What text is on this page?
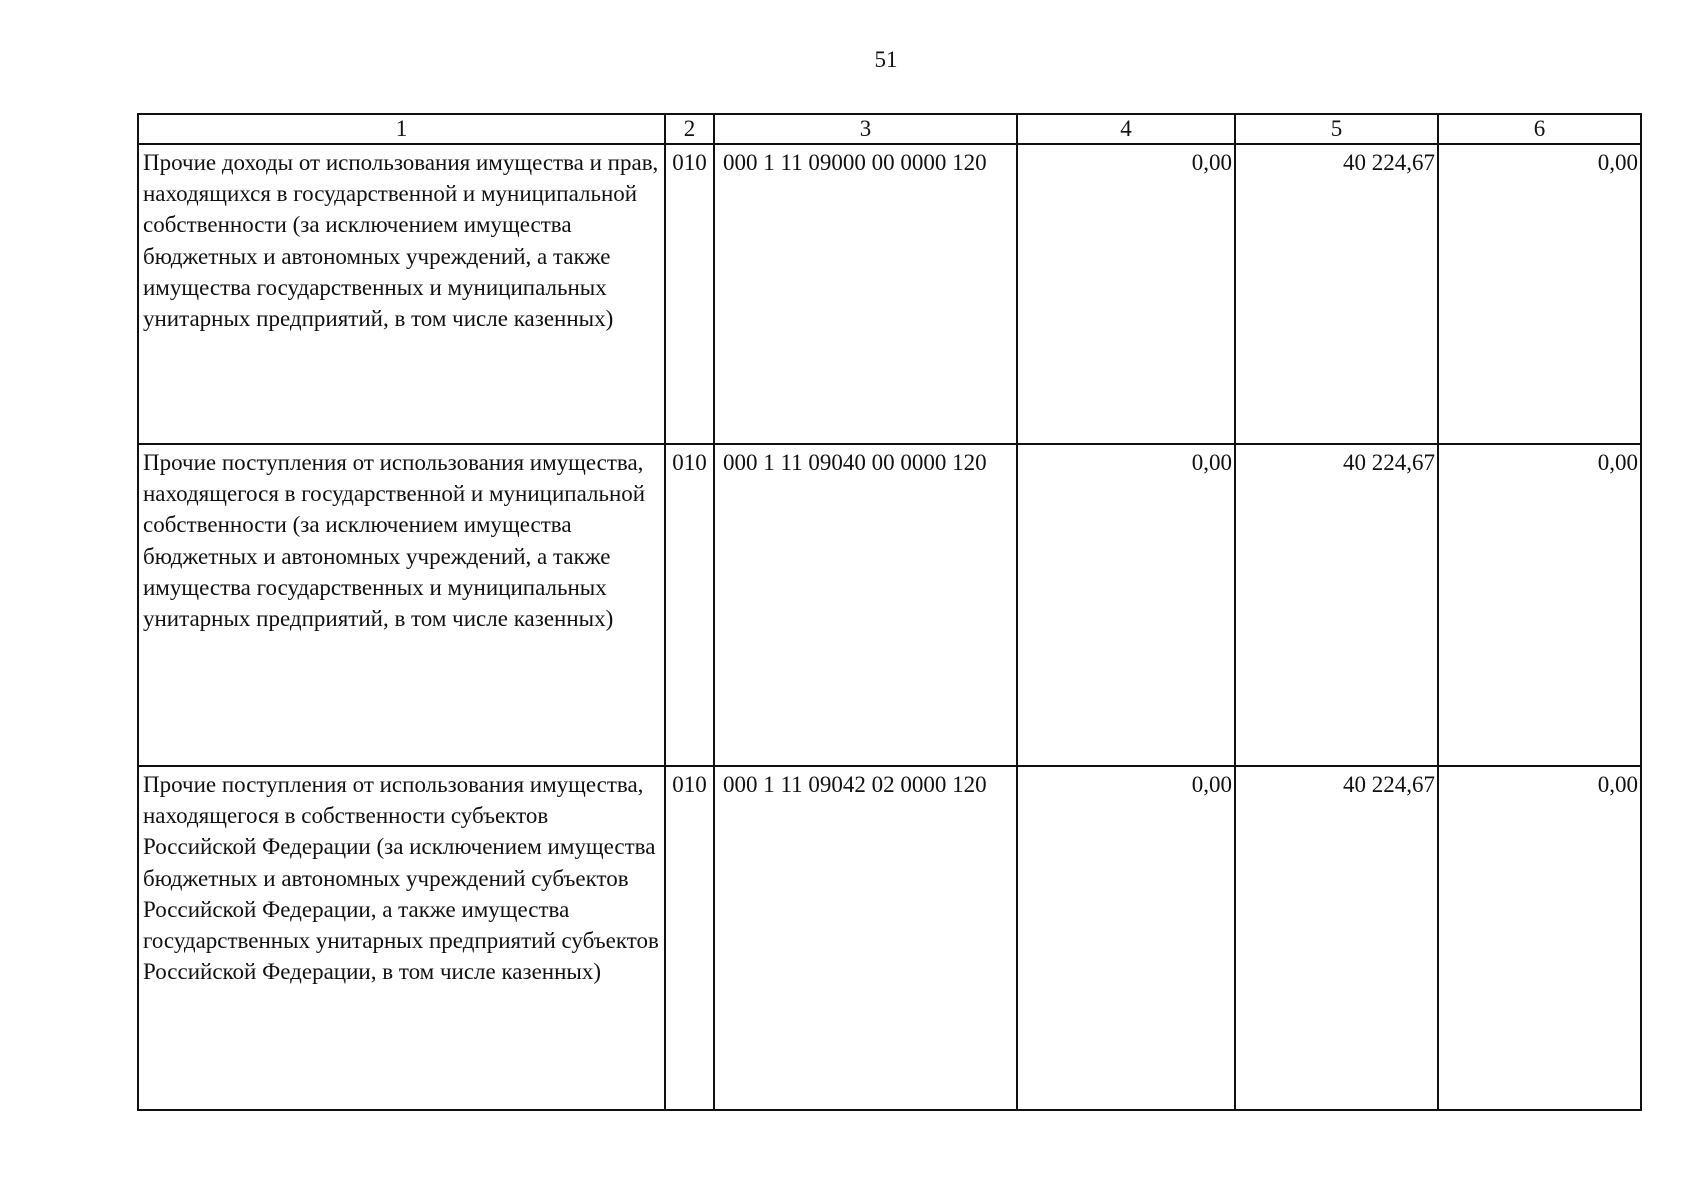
51
1	2	3	4	5	6
Прочие доходы от использования имущества и прав, находящихся в государственной и муниципальной собственности (за исключением имущества бюджетных и автономных учреждений, а также имущества государственных и муниципальных унитарных предприятий, в том числе казенных)	010	000 1 11 09000 00 0000 120	0,00	40 224,67	0,00
Прочие поступления от использования имущества, находящегося в государственной и муниципальной собственности (за исключением имущества бюджетных и автономных учреждений, а также имущества государственных и муниципальных унитарных предприятий, в том числе казенных)	010	000 1 11 09040 00 0000 120	0,00	40 224,67	0,00
Прочие поступления от использования имущества, находящегося в собственности субъектов Российской Федерации (за исключением имущества бюджетных и автономных учреждений субъектов Российской Федерации, а также имущества государственных унитарных предприятий субъектов Российской Федерации, в том числе казенных)	010	000 1 11 09042 02 0000 120	0,00	40 224,67	0,00
